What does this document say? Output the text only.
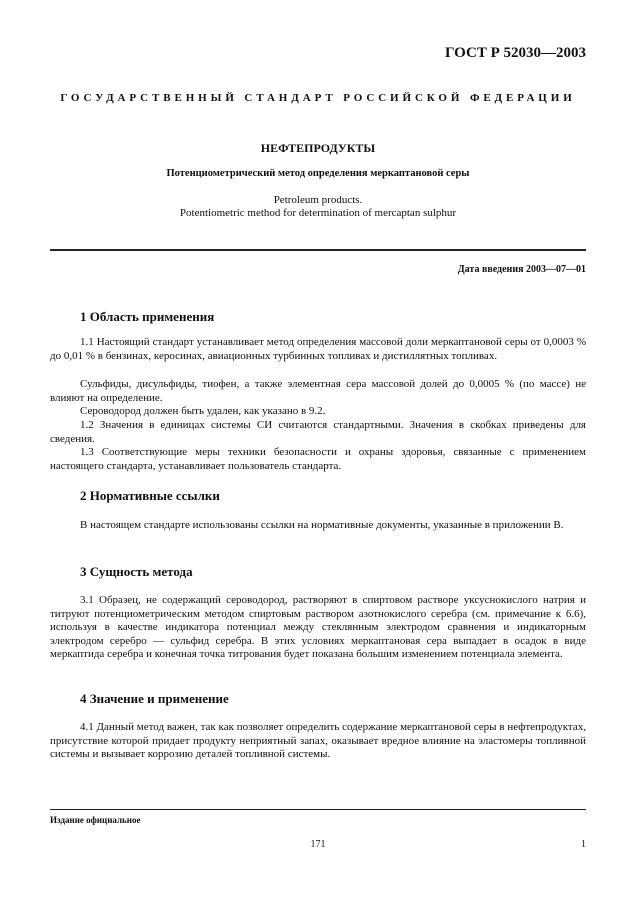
ГОСТ Р 52030—2003
ГОСУДАРСТВЕННЫЙ СТАНДАРТ РОССИЙСКОЙ ФЕДЕРАЦИИ
НЕФТЕПРОДУКТЫ
Потенциометрический метод определения меркаптановой серы
Petroleum products.
Potentiometric method for determination of mercaptan sulphur
Дата введения 2003—07—01
1 Область применения
1.1 Настоящий стандарт устанавливает метод определения массовой доли меркаптановой серы от 0,0003 % до 0,01 % в бензинах, керосинах, авиационных турбинных топливах и дистиллятных топливах.
Сульфиды, дисульфиды, тиофен, а также элементная сера массовой долей до 0,0005 % (по массе) не влияют на определение.
Сероводород должен быть удален, как указано в 9.2.
1.2 Значения в единицах системы СИ считаются стандартными. Значения в скобках приведены для сведения.
1.3 Соответствующие меры техники безопасности и охраны здоровья, связанные с применением настоящего стандарта, устанавливает пользователь стандарта.
2 Нормативные ссылки
В настоящем стандарте использованы ссылки на нормативные документы, указанные в приложении В.
3 Сущность метода
3.1 Образец, не содержащий сероводород, растворяют в спиртовом растворе уксуснокислого натрия и титруют потенциометрическим методом спиртовым раствором азотнокислого серебра (см. примечание к 6.6), используя в качестве индикатора потенциал между стеклянным электродом сравнения и индикаторным электродом серебро — сульфид серебра. В этих условиях меркаптановая сера выпадает в осадок в виде меркаптида серебра и конечная точка титрования будет показана большим изменением потенциала элемента.
4 Значение и применение
4.1 Данный метод важен, так как позволяет определить содержание меркаптановой серы в нефтепродуктах, присутствие которой придает продукту неприятный запах, оказывает вредное влияние на эластомеры топливной системы и вызывает коррозию деталей топливной системы.
Издание официальное
171	1
